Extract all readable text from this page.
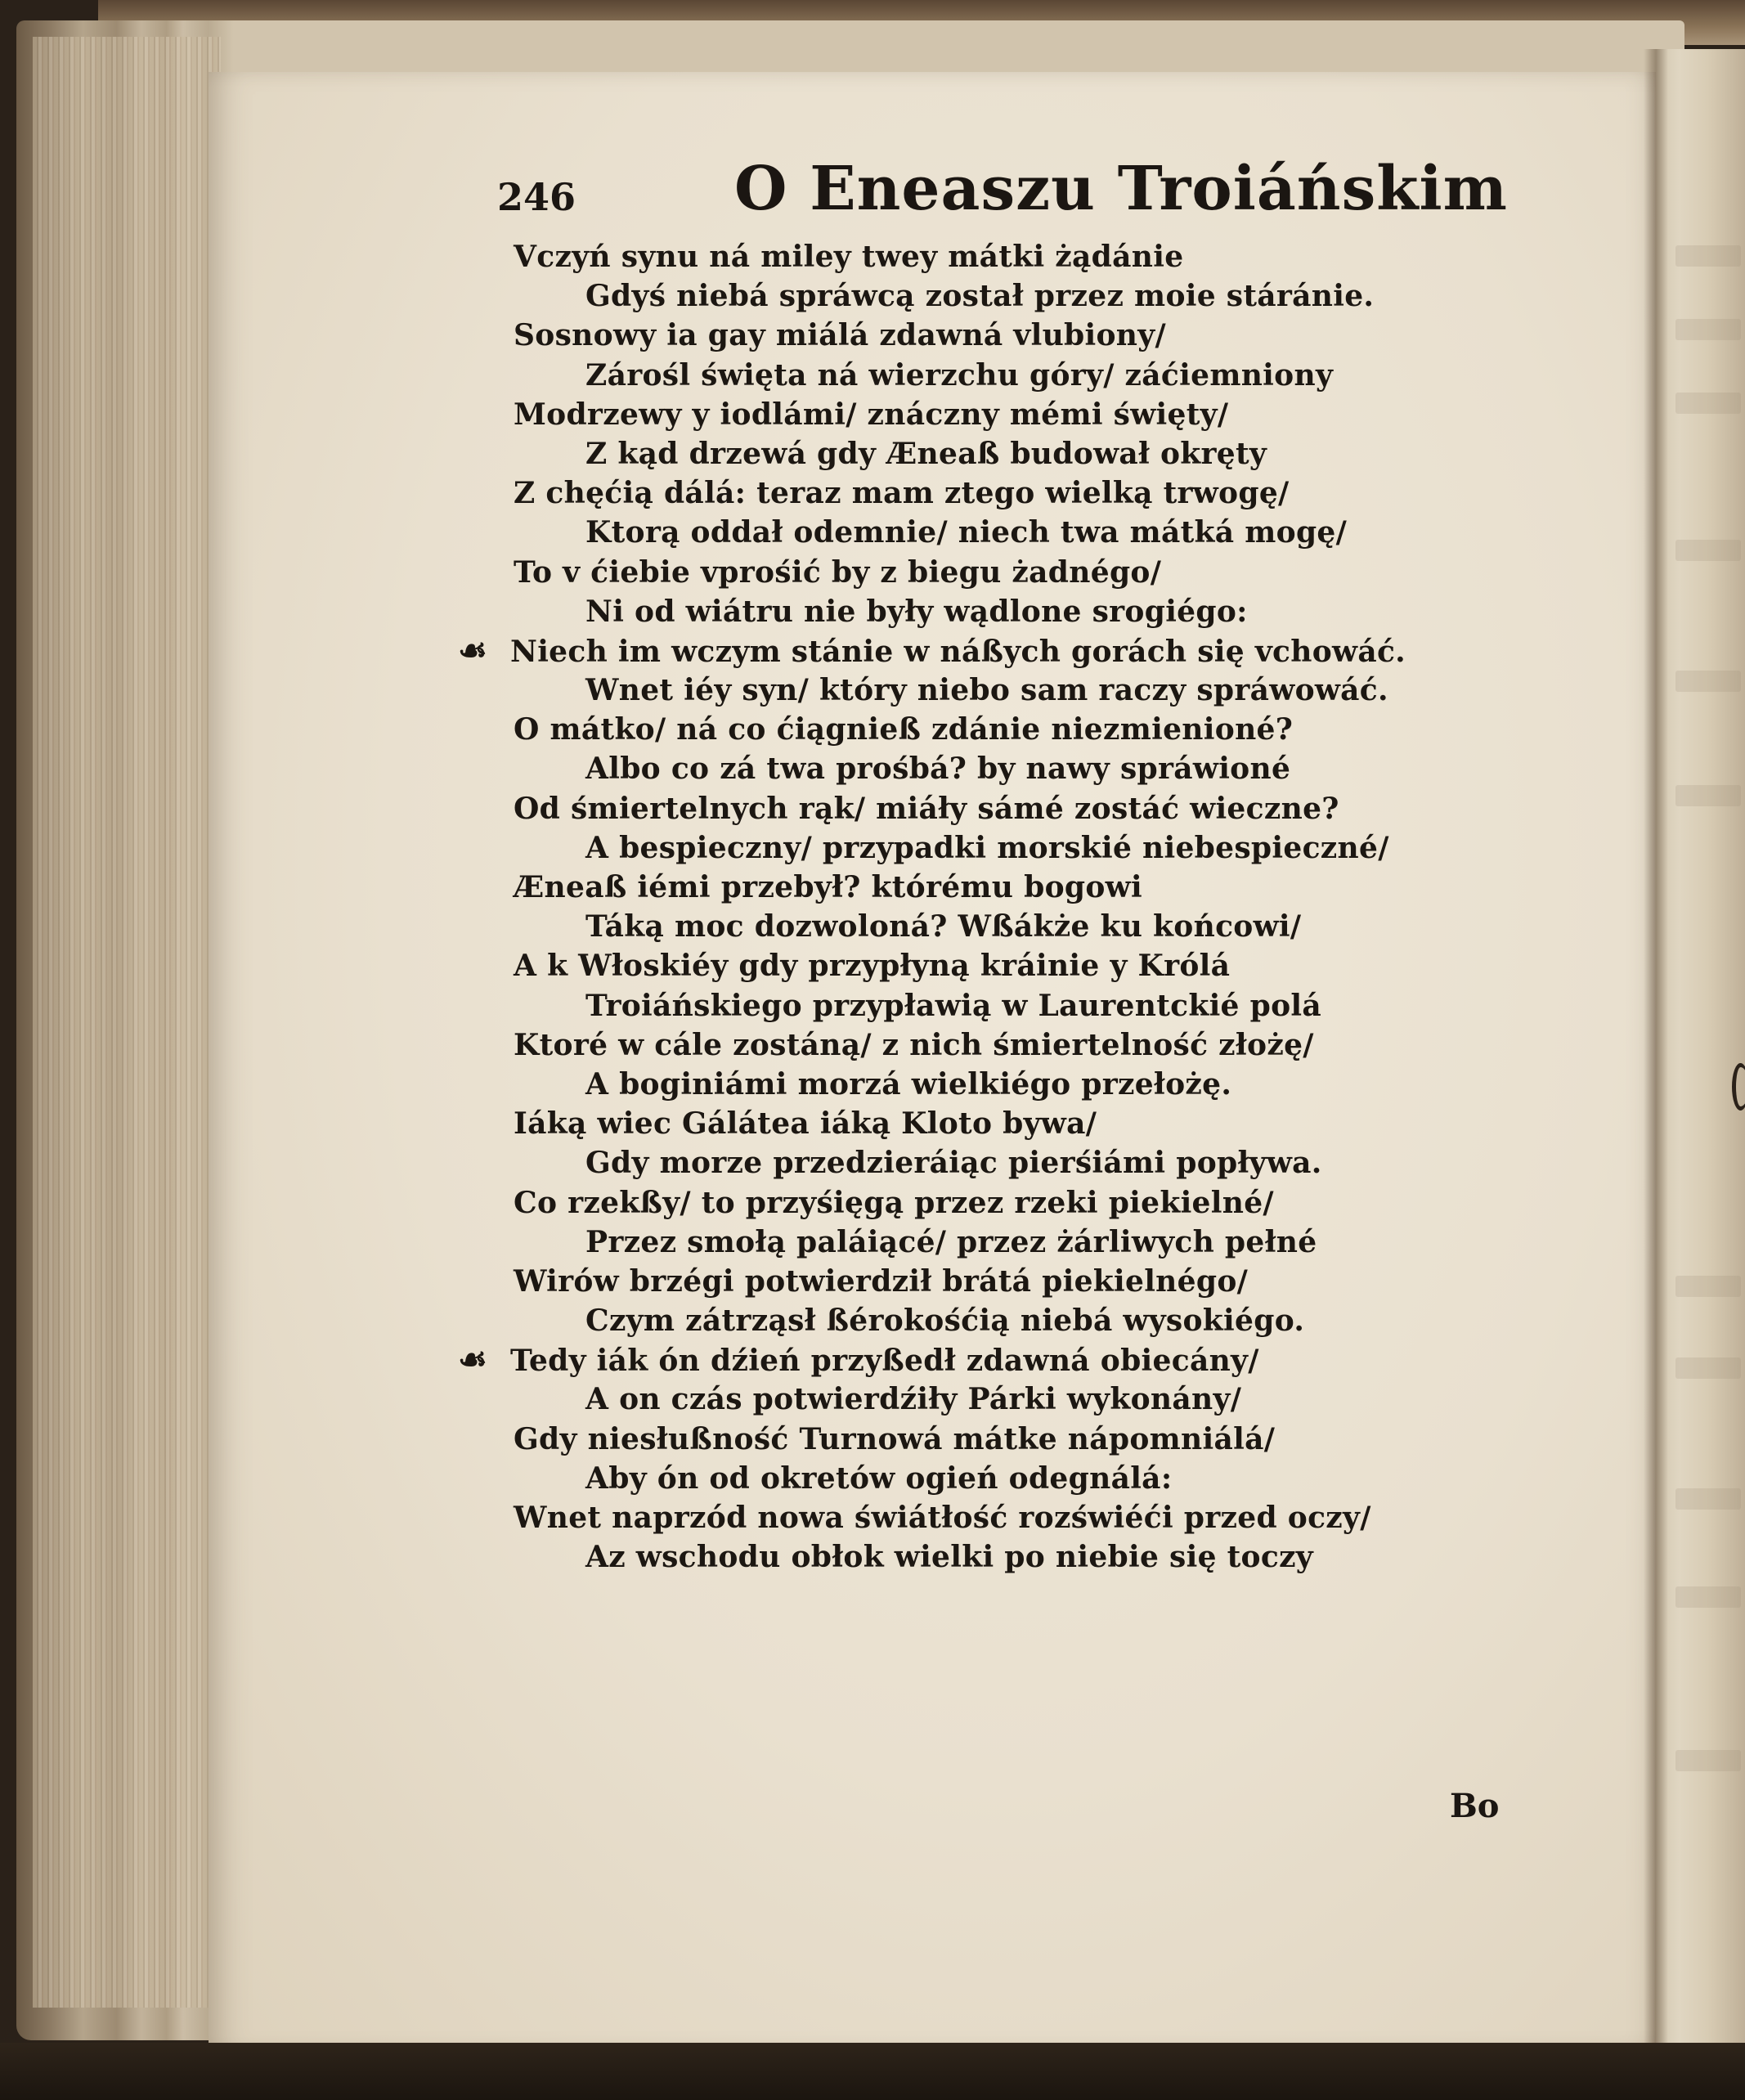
246	O Eneaszu Troiáńskim
Vczyń synu ná miley twey mátki żądánie
Gdyś niebá spráwcą został przez moie stáránie.
Sosnowy ia gay miálá zdawná vlubiony/
Zárośl święta ná wierzchu góry/ záćiemniony
Modrzewy y iodlámi/ znáczny mémi święty/
Z kąd drzewá gdy Æneaß budował okręty
Z chęćią dálá: teraz mam ztego wielką trwogę/
Ktorą oddał odemnie/ niech twa mátká mogę/
To v ćiebie vprośić by z biegu żadnégo/
Ni od wiátru nie były wądlone srogiégo:
☙ Niech im wczym stánie w náßych gorách się vchowáć.
Wnet iéy syn/ który niebo sam raczy spráwowáć.
O mátko/ ná co ćiągnieß zdánie niezmienioné?
Albo co zá twa prośbá? by nawy spráwioné
Od śmiertelnych rąk/ miáły sámé zostáć wieczne?
A bespieczny/ przypadki morskié niebespieczné/
Æneaß iémi przebył? którému bogowi
Táką moc dozwoloná? Wßákże ku końcowi/
A k Włoskiéy gdy przypłyną kráinie y Królá
Troiáńskiego przypławią w Laurentckié polá
Ktoré w cále zostáną/ z nich śmiertelność złożę/
A boginiámi morzá wielkiégo przełożę.
Iáką wiec Gálátea iáką Kloto bywa/
Gdy morze przedzieráiąc pierśiámi popływa.
Co rzekßy/ to przyśięgą przez rzeki piekielné/
Przez smołą paláiącé/ przez żárliwych pełné
Wirów brzégi potwierdził brátá piekielnégo/
Czym zátrząsł ßérokośćią niebá wysokiégo.
☙ Tedy iák ón dźień przyßedł zdawná obiecány/
A on czás potwierdźiły Párki wykonány/
Gdy niesłußność Turnowá mátke nápomniálá/
Aby ón od okretów ogień odegnálá:
Wnet naprzód nowa świátłość rozświéći przed oczy/
Az wschodu obłok wielki po niebie się toczy
Bo
